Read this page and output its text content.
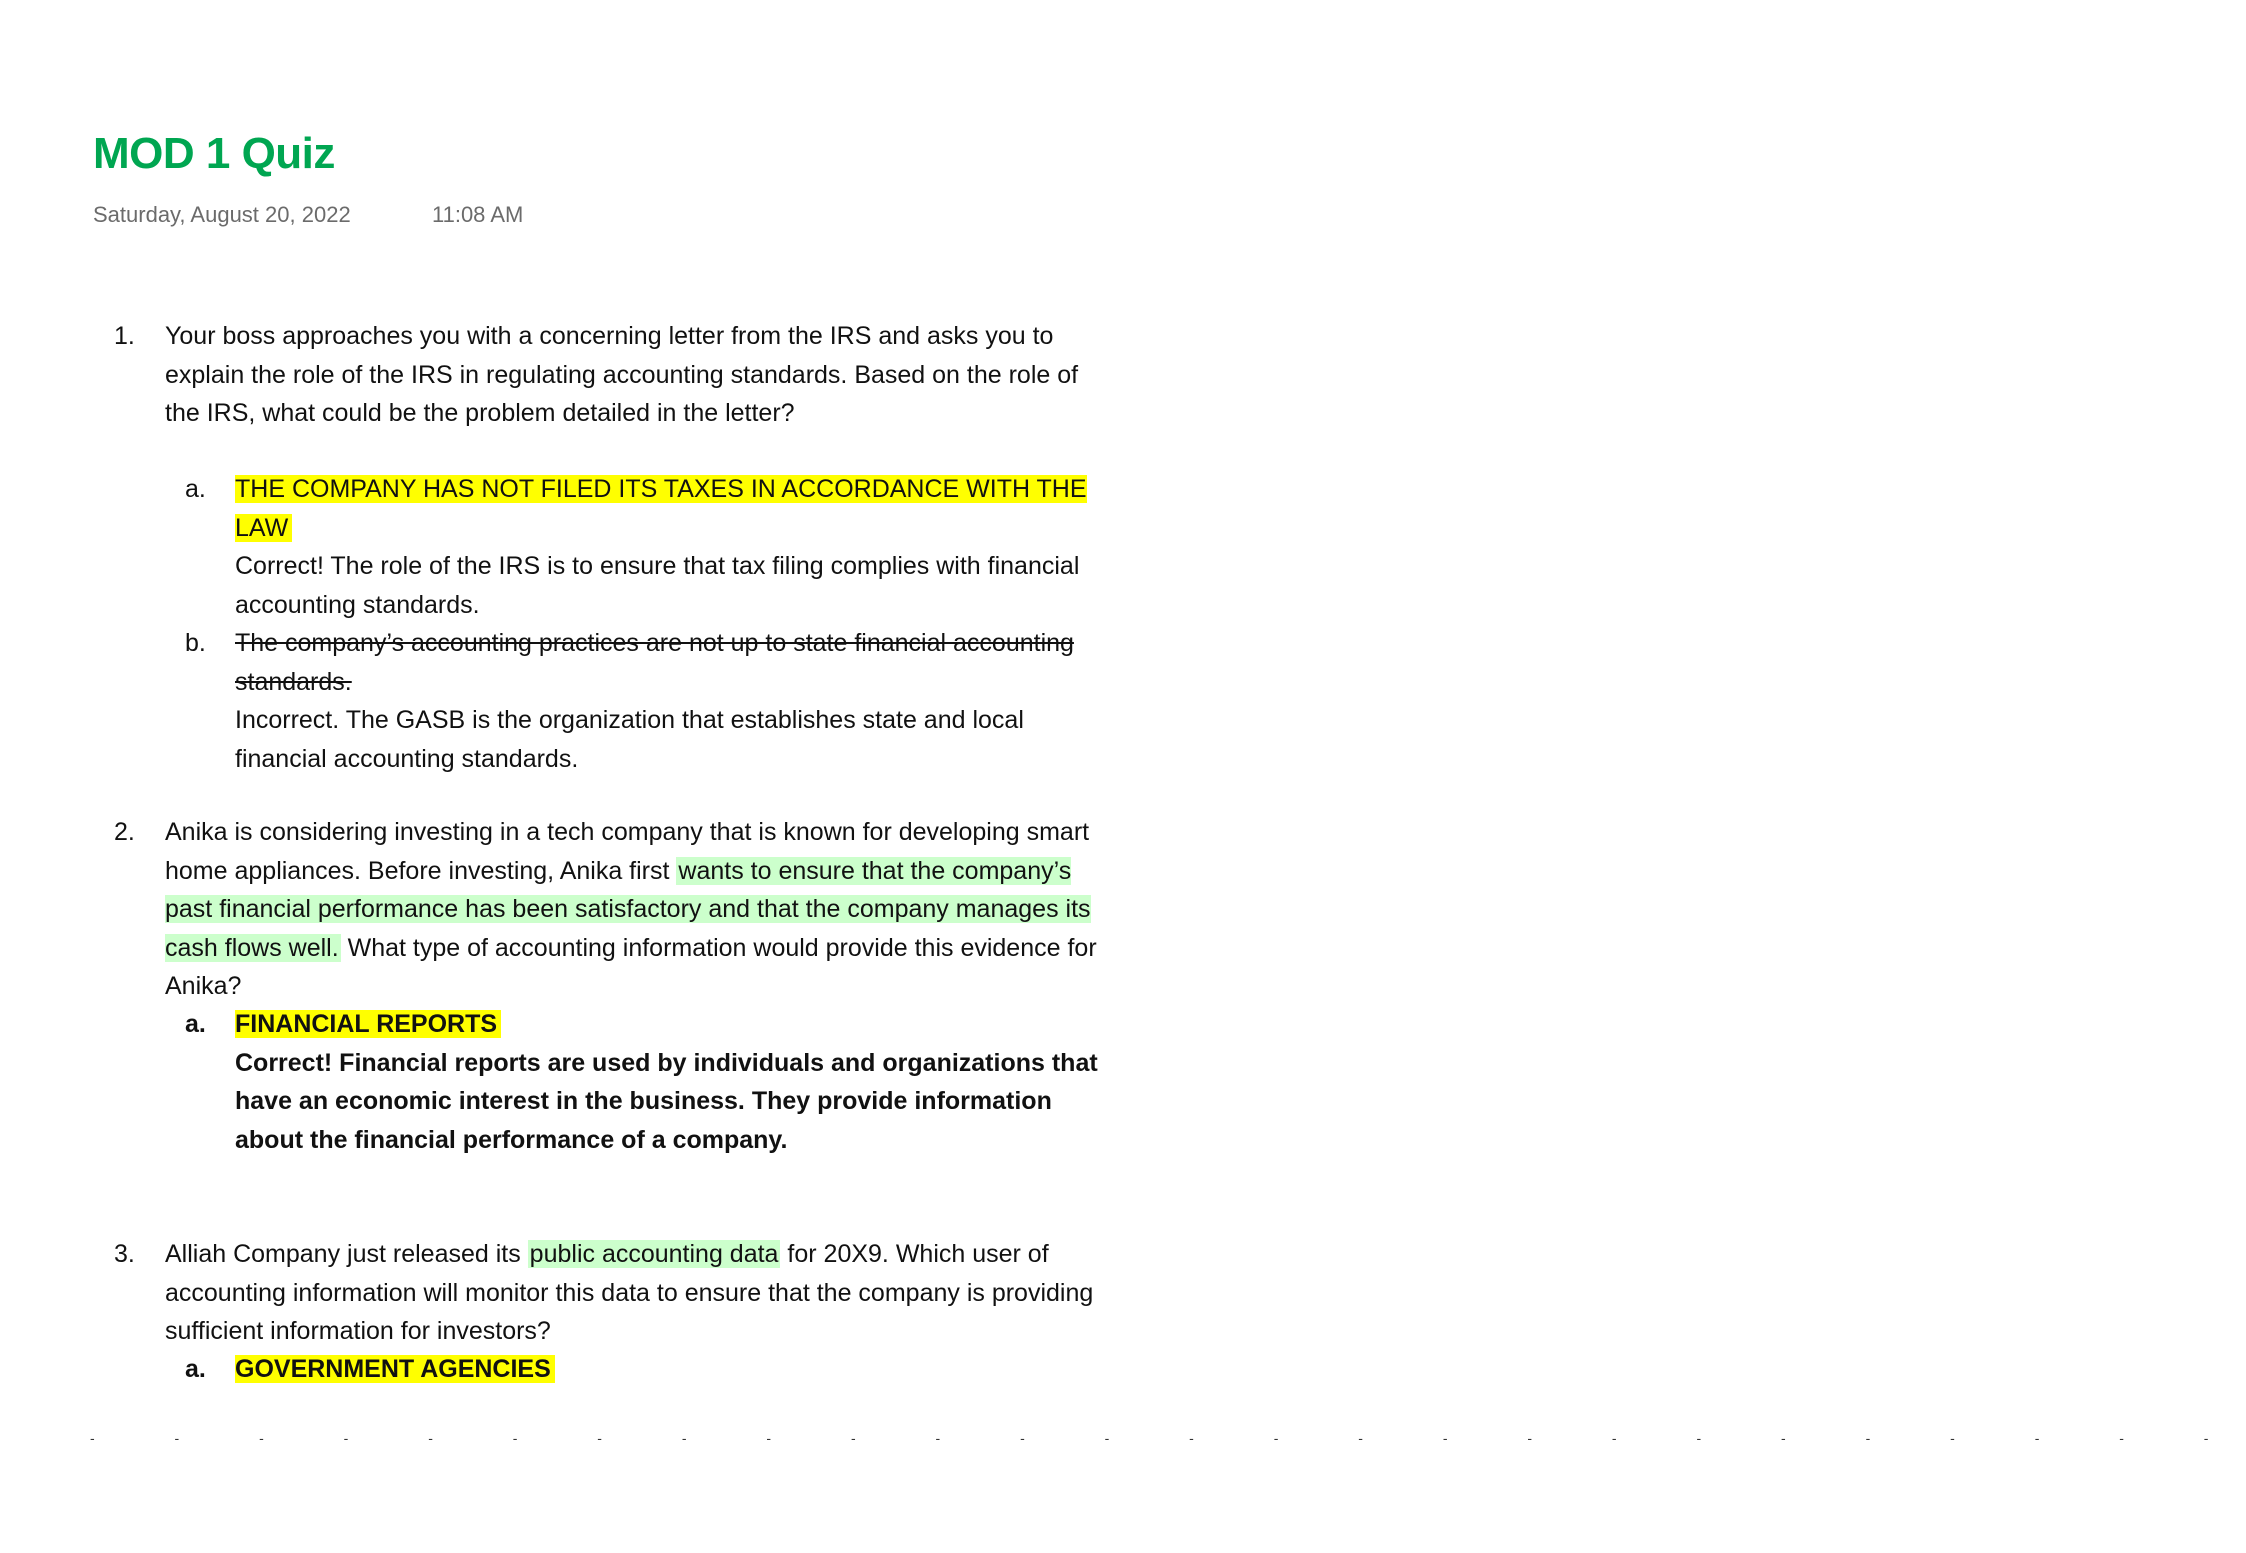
MOD 1 Quiz
Saturday, August 20, 2022	11:08 AM
1. Your boss approaches you with a concerning letter from the IRS and asks you to explain the role of the IRS in regulating accounting standards. Based on the role of the IRS, what could be the problem detailed in the letter?
a. THE COMPANY HAS NOT FILED ITS TAXES IN ACCORDANCE WITH THE LAW
Correct! The role of the IRS is to ensure that tax filing complies with financial accounting standards.
b. The company’s accounting practices are not up to state financial accounting standards.
Incorrect. The GASB is the organization that establishes state and local financial accounting standards.
2. Anika is considering investing in a tech company that is known for developing smart home appliances. Before investing, Anika first wants to ensure that the company’s past financial performance has been satisfactory and that the company manages its cash flows well. What type of accounting information would provide this evidence for Anika?
a. FINANCIAL REPORTS
Correct! Financial reports are used by individuals and organizations that have an economic interest in the business. They provide information about the financial performance of a company.
3. Alliah Company just released its public accounting data for 20X9. Which user of accounting information will monitor this data to ensure that the company is providing sufficient information for investors?
a. GOVERNMENT AGENCIES
- - - - - - - - - - - - - - - - - - - - - - - - - -
